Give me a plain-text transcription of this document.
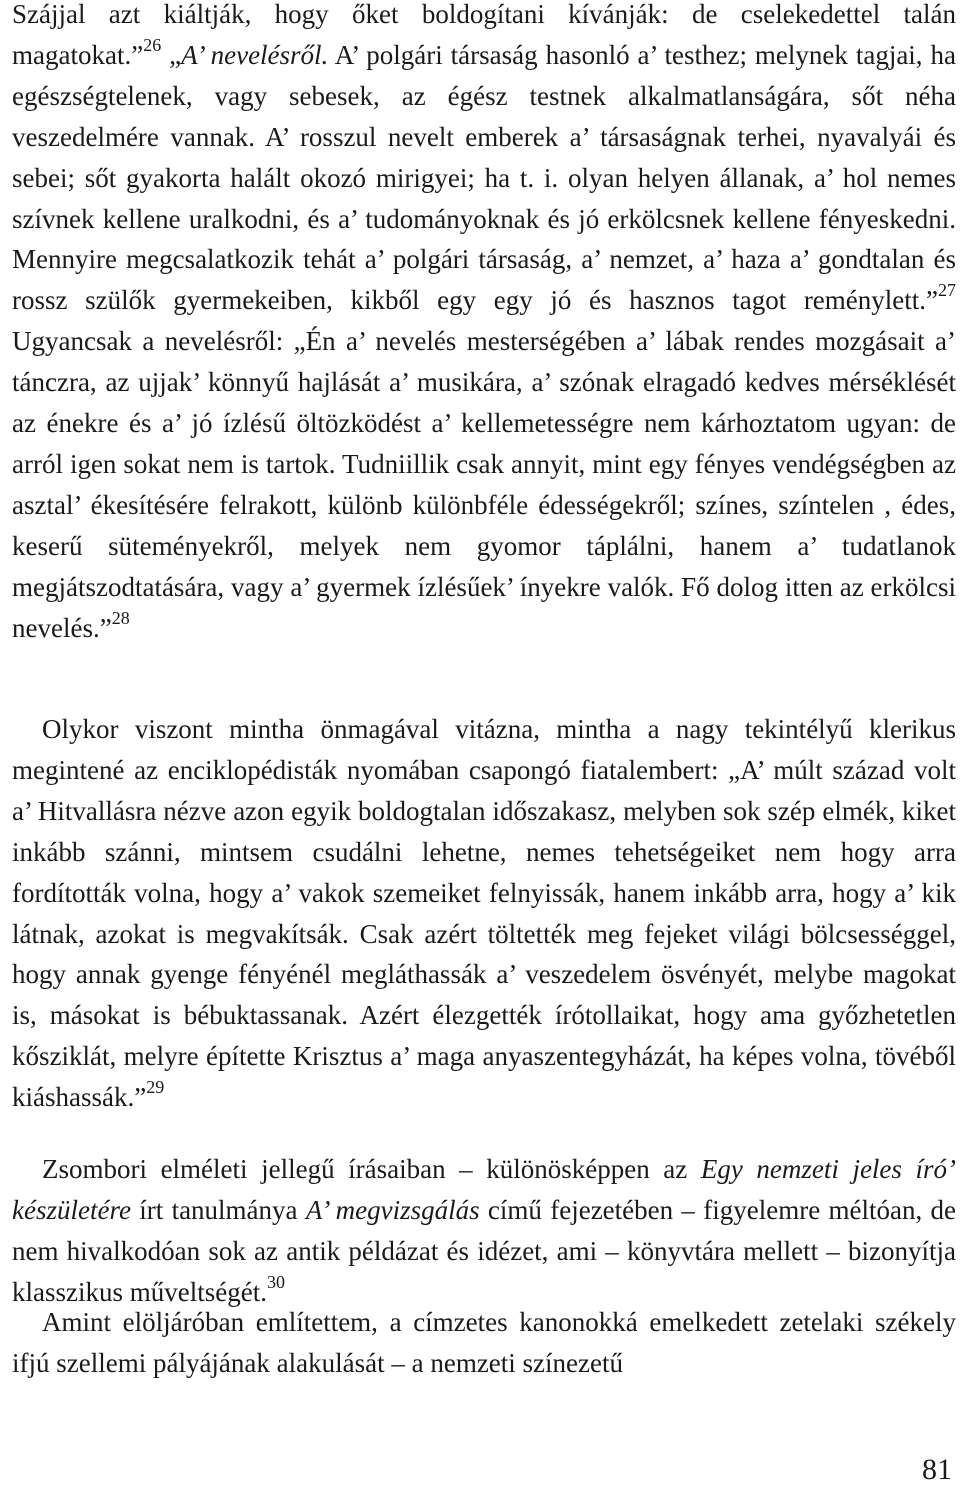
Szájjal azt kiáltják, hogy őket boldogítani kívánják: de cselekedettel talán magatokat.”$^{26}$ „A’ nevelésről. A’ polgári társaság hasonló a’ testhez; melynek tagjai, ha egészségtelenek, vagy sebesek, az égész testnek alkalmatlanságára, sőt néha veszedelmére vannak. A’ rosszul nevelt emberek a’ társaságnak terhei, nyavalyái és sebei; sőt gyakorta halált okozó mirigyei; ha t. i. olyan helyen állanak, a’ hol nemes szívnek kellene uralkodni, és a’ tudományoknak és jó erkölcsnek kellene fényeskedni. Mennyire megcsalatkozik tehát a’ polgári társaság, a’ nemzet, a’ haza a’ gondtalan és rossz szülők gyermekeiben, kikből egy egy jó és hasznos tagot reménylett.”$^{27}$ Ugyancsak a nevelésről: „Én a’ nevelés mesterségében a’ lábak rendes mozgásait a’ tánczra, az ujjak’ könnyű hajlását a’ musikára, a’ szónak elragadó kedves mérséklését az énekre és a’ jó ízlésű öltözködést a’ kellemetességre nem kárhoztatom ugyan: de arról igen sokat nem is tartok. Tudniillik csak annyit, mint egy fényes vendégségben az asztal’ ékesítésére felrakott, különb különbféle édességekről; színes, színtelen , édes, keserű süteményekről, melyek nem gyomor táplálni, hanem a’ tudatlanok megjátszodtatására, vagy a’ gyermek ízlésűek’ ínyekre valók. Fő dolog itten az erkölcsi nevelés.”$^{28}$

Olykor viszont mintha önmagával vitázna, mintha a nagy tekintélyű klerikus megintené az enciklopédisták nyomában csapongó fiatalembert: „A’ múlt század volt a’ Hitvallásra nézve azon egyik boldogtalan időszakasz, melyben sok szép elmék, kiket inkább szánni, mintsem csudálni lehetne, nemes tehetségeiket nem hogy arra fordították volna, hogy a’ vakok szemeiket felnyissák, hanem inkább arra, hogy a’ kik látnak, azokat is megvakítsák. Csak azért töltették meg fejeket világi bölcsességgel, hogy annak gyenge fényénél megláthassák a’ veszedelem ösvényét, melybe magokat is, másokat is bébuktassanak. Azért élezgették írótollaikat, hogy ama győzhetetlen kősziklát, melyre építette Krisztus a’ maga anyaszentegyházát, ha képes volna, tövéből kiáshassák.”$^{29}$

Zsombori elméleti jellegű írásaiban – különösképpen az Egy nemzeti jeles író’ készületére írt tanulmánya A’ megvizsgálás című fejezetében – figyelemre méltóan, de nem hivalkodóan sok az antik példázat és idézet, ami – könyvtára mellett – bizonyítja klasszikus műveltségét.$^{30}$

Amint elöljáróban említettem, a címzetes kanonokká emelkedett zetelaki székely ifjú szellemi pályájának alakulását – a nemzeti színezetű

81
